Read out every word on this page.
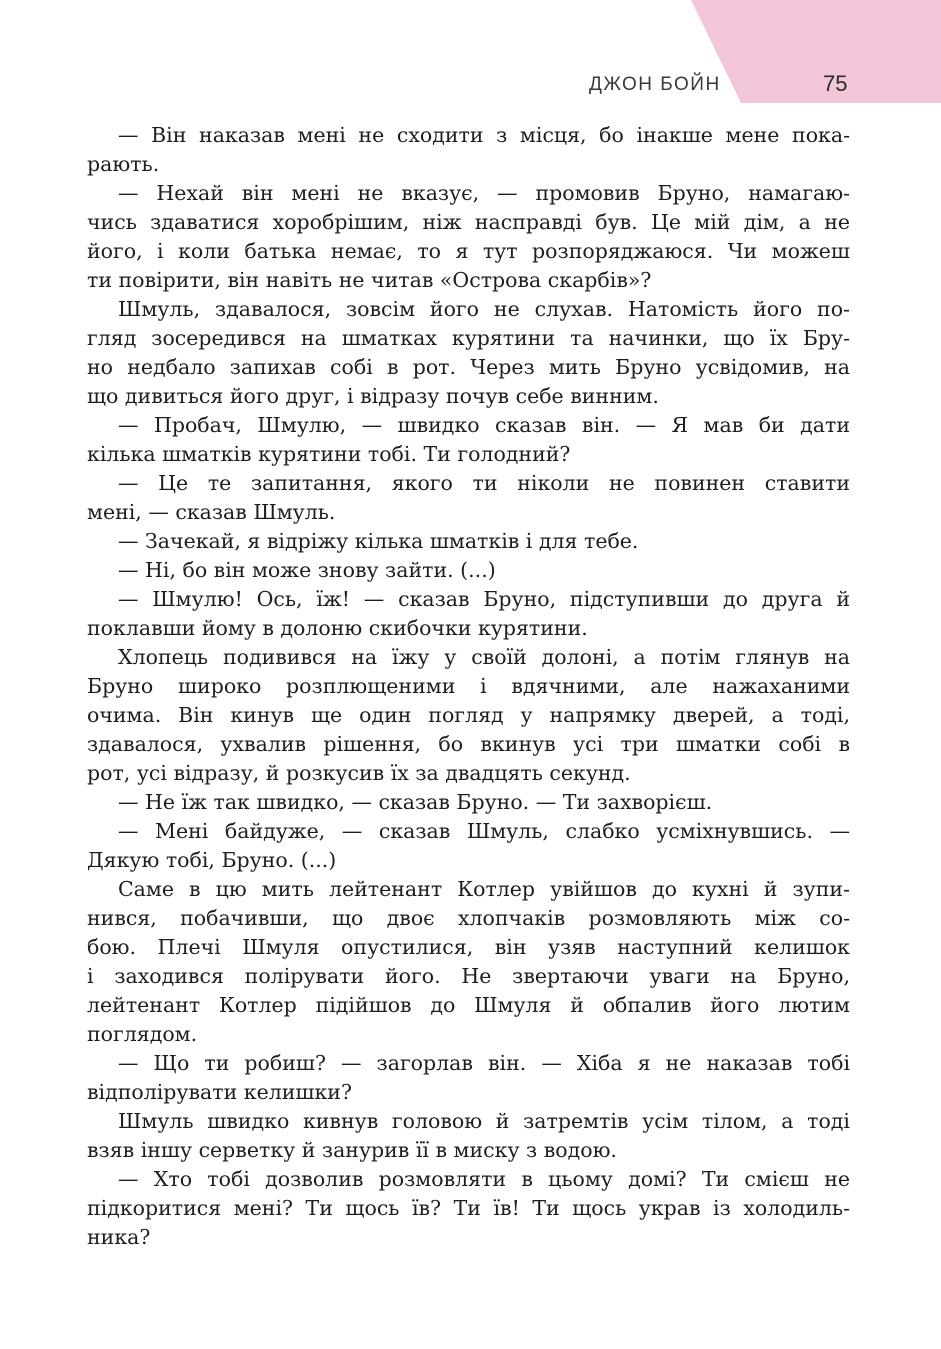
ДЖОН БОЙН	75
— Він наказав мені не сходити з місця, бо інакше мене пока-
рають.
— Нехай він мені не вказує, — промовив Бруно, намагаю-
чись здаватися хоробрішим, ніж насправді був. Це мій дім, а не
його, і коли батька немає, то я тут розпоряджаюся. Чи можеш
ти повірити, він навіть не читав «Острова скарбів»?
Шмуль, здавалося, зовсім його не слухав. Натомість його по-
гляд зосередився на шматках курятини та начинки, що їх Бру-
но недбало запихав собі в рот. Через мить Бруно усвідомив, на
що дивиться його друг, і відразу почув себе винним.
— Пробач, Шмулю, — швидко сказав він. — Я мав би дати
кілька шматків курятини тобі. Ти голодний?
— Це те запитання, якого ти ніколи не повинен ставити
мені, — сказав Шмуль.
— Зачекай, я відріжу кілька шматків і для тебе.
— Ні, бо він може знову зайти. (...)
— Шмулю! Ось, їж! — сказав Бруно, підступивши до друга й
поклавши йому в долоню скибочки курятини.
Хлопець подивився на їжу у своїй долоні, а потім глянув на
Бруно широко розплющеними і вдячними, але нажаханими
очима. Він кинув ще один погляд у напрямку дверей, а тоді,
здавалося, ухвалив рішення, бо вкинув усі три шматки собі в
рот, усі відразу, й розкусив їх за двадцять секунд.
— Не їж так швидко, — сказав Бруно. — Ти захворієш.
— Мені байдуже, — сказав Шмуль, слабко усміхнувшись. —
Дякую тобі, Бруно. (...)
Саме в цю мить лейтенант Котлер увійшов до кухні й зупи-
нився, побачивши, що двоє хлопчаків розмовляють між со-
бою. Плечі Шмуля опустилися, він узяв наступний келишок
і заходився полірувати його. Не звертаючи уваги на Бруно,
лейтенант Котлер підійшов до Шмуля й обпалив його лютим
поглядом.
— Що ти робиш? — загорлав він. — Хіба я не наказав тобі
відполірувати келишки?
Шмуль швидко кивнув головою й затремтів усім тілом, а тоді
взяв іншу серветку й занурив її в миску з водою.
— Хто тобі дозволив розмовляти в цьому домі? Ти смієш не
підкоритися мені? Ти щось їв? Ти їв! Ти щось украв із холодиль-
ника?
